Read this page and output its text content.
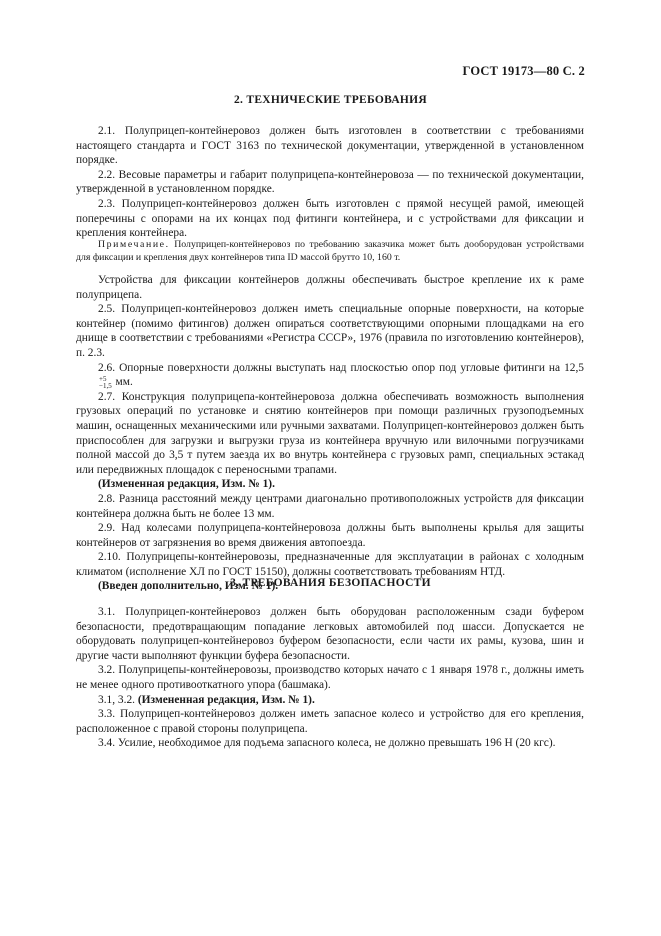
ГОСТ 19173—80 С. 2
2. ТЕХНИЧЕСКИЕ ТРЕБОВАНИЯ

2.1. Полуприцеп-контейнеровоз должен быть изготовлен в соответствии с требованиями настоящего стандарта и ГОСТ 3163 по технической документации, утвержденной в установленном порядке.

2.2. Весовые параметры и габарит полуприцепа-контейнеровоза — по технической документации, утвержденной в установленном порядке.

2.3. Полуприцеп-контейнеровоз должен быть изготовлен с прямой несущей рамой, имеющей поперечины с опорами на их концах под фитинги контейнера, и с устройствами для фиксации и крепления контейнера.

Примечание. Полуприцеп-контейнеровоз по требованию заказчика может быть дооборудован устройствами для фиксации и крепления двух контейнеров типа ID массой брутто 10, 160 т.

Устройства для фиксации контейнеров должны обеспечивать быстрое крепление их к раме полуприцепа.

2.5. Полуприцеп-контейнеровоз должен иметь специальные опорные поверхности, на которые контейнер (помимо фитингов) должен опираться соответствующими опорными площадками на его днище в соответствии с требованиями «Регистра СССР», 1976 (правила по изготовлению контейнеров), п. 2.3.

2.6. Опорные поверхности должны выступать над плоскостью опор под угловые фитинги на 12,5
+5
−1,5 мм.

2.7. Конструкция полуприцепа-контейнеровоза должна обеспечивать возможность выполнения грузовых операций по установке и снятию контейнеров при помощи различных грузоподъемных машин, оснащенных механическими или ручными захватами. Полуприцеп-контейнеровоз должен быть приспособлен для загрузки и выгрузки груза из контейнера вручную или вилочными погрузчиками полной массой до 3,5 т путем заезда их во внутрь контейнера с грузовых рамп, специальных эстакад или передвижных площадок с переносными трапами.

(Измененная редакция, Изм. № 1).

2.8. Разница расстояний между центрами диагонально противоположных устройств для фиксации контейнера должна быть не более 13 мм.

2.9. Над колесами полуприцепа-контейнеровоза должны быть выполнены крылья для защиты контейнеров от загрязнения во время движения автопоезда.

2.10. Полуприцепы-контейнеровозы, предназначенные для эксплуатации в районах с холодным климатом (исполнение ХЛ по ГОСТ 15150), должны соответствовать требованиям НТД.

(Введен дополнительно, Изм. № 1).

3. ТРЕБОВАНИЯ БЕЗОПАСНОСТИ

3.1. Полуприцеп-контейнеровоз должен быть оборудован расположенным сзади буфером безопасности, предотвращающим попадание легковых автомобилей под шасси. Допускается не оборудовать полуприцеп-контейнеровоз буфером безопасности, если части их рамы, кузова, шин и другие части выполняют функции буфера безопасности.

3.2. Полуприцепы-контейнеровозы, производство которых начато с 1 января 1978 г., должны иметь не менее одного противооткатного упора (башмака).

3.1, 3.2. (Измененная редакция, Изм. № 1).

3.3. Полуприцеп-контейнеровоз должен иметь запасное колесо и устройство для его крепления, расположенное с правой стороны полуприцепа.

3.4. Усилие, необходимое для подъема запасного колеса, не должно превышать 196 Н (20 кгс).
